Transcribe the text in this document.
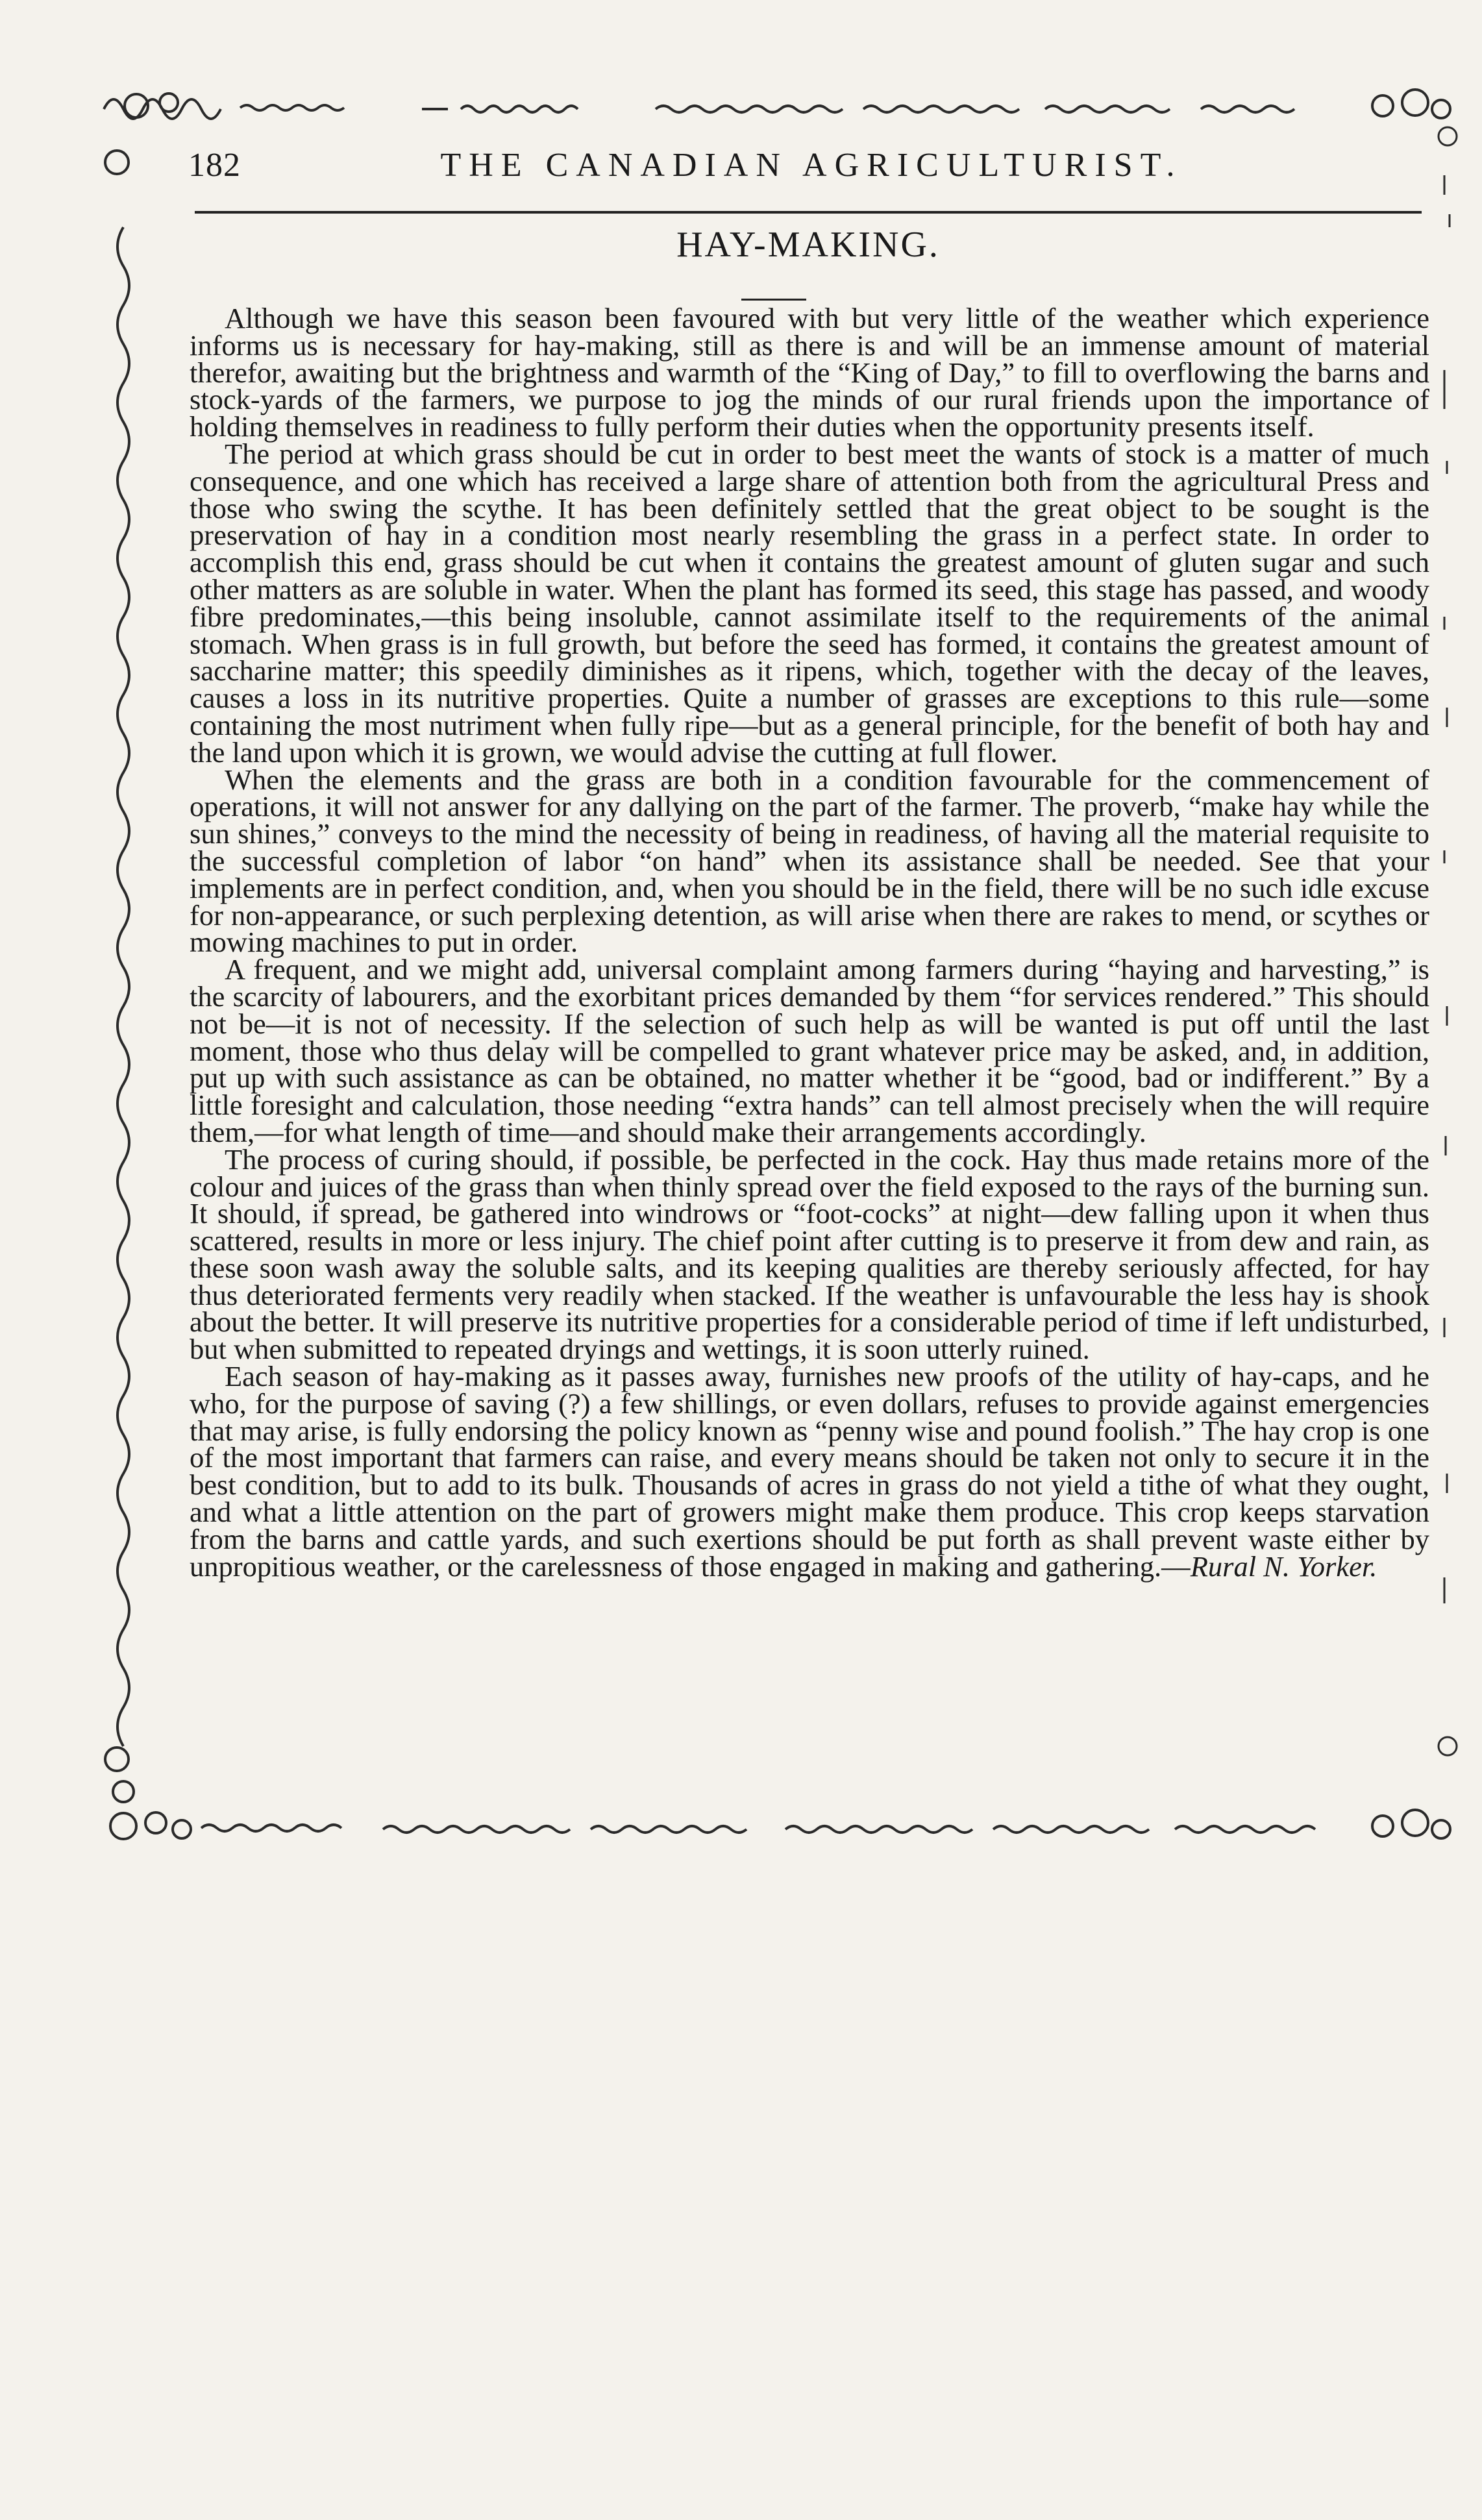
182	THE CANADIAN AGRICULTURIST.
HAY-MAKING.

Although we have this season been favoured with but very little of the weather which experience informs us is necessary for hay-making, still as there is and will be an immense amount of material therefor, awaiting but the brightness and warmth of the “King of Day,” to fill to overflowing the barns and stock-yards of the farmers, we purpose to jog the minds of our rural friends upon the importance of holding themselves in readiness to fully perform their duties when the opportunity presents itself.

The period at which grass should be cut in order to best meet the wants of stock is a matter of much consequence, and one which has received a large share of attention both from the agricultural Press and those who swing the scythe. It has been definitely settled that the great object to be sought is the preservation of hay in a condition most nearly resembling the grass in a perfect state. In order to accomplish this end, grass should be cut when it contains the greatest amount of gluten sugar and such other matters as are soluble in water. When the plant has formed its seed, this stage has passed, and woody fibre predominates,—this being insoluble, cannot assimilate itself to the requirements of the animal stomach. When grass is in full growth, but before the seed has formed, it contains the greatest amount of saccharine matter; this speedily diminishes as it ripens, which, together with the decay of the leaves, causes a loss in its nutritive properties. Quite a number of grasses are exceptions to this rule—some containing the most nutriment when fully ripe—but as a general principle, for the benefit of both hay and the land upon which it is grown, we would advise the cutting at full flower.

When the elements and the grass are both in a condition favourable for the commencement of operations, it will not answer for any dallying on the part of the farmer. The proverb, “make hay while the sun shines,” conveys to the mind the necessity of being in readiness, of having all the material requisite to the successful completion of labor “on hand” when its assistance shall be needed. See that your implements are in perfect condition, and, when you should be in the field, there will be no such idle excuse for non-appearance, or such perplexing detention, as will arise when there are rakes to mend, or scythes or mowing machines to put in order.

A frequent, and we might add, universal complaint among farmers during “haying and harvesting,” is the scarcity of labourers, and the exorbitant prices demanded by them “for services rendered.” This should not be—it is not of necessity. If the selection of such help as will be wanted is put off until the last moment, those who thus delay will be compelled to grant whatever price may be asked, and, in addition, put up with such assistance as can be obtained, no matter whether it be “good, bad or indifferent.” By a little foresight and calculation, those needing “extra hands” can tell almost precisely when the will require them,—for what length of time—and should make their arrangements accordingly.

The process of curing should, if possible, be perfected in the cock. Hay thus made retains more of the colour and juices of the grass than when thinly spread over the field exposed to the rays of the burning sun. It should, if spread, be gathered into windrows or “foot-cocks” at night—dew falling upon it when thus scattered, results in more or less injury. The chief point after cutting is to preserve it from dew and rain, as these soon wash away the soluble salts, and its keeping qualities are thereby seriously affected, for hay thus deteriorated ferments very readily when stacked. If the weather is unfavourable the less hay is shook about the better. It will preserve its nutritive properties for a considerable period of time if left undisturbed, but when submitted to repeated dryings and wettings, it is soon utterly ruined.

Each season of hay-making as it passes away, furnishes new proofs of the utility of hay-caps, and he who, for the purpose of saving (?) a few shillings, or even dollars, refuses to provide against emergencies that may arise, is fully endorsing the policy known as “penny wise and pound foolish.” The hay crop is one of the most important that farmers can raise, and every means should be taken not only to secure it in the best condition, but to add to its bulk. Thousands of acres in grass do not yield a tithe of what they ought, and what a little attention on the part of growers might make them produce. This crop keeps starvation from the barns and cattle yards, and such exertions should be put forth as shall prevent waste either by unpropitious weather, or the carelessness of those engaged in making and gathering.—Rural N. Yorker.
